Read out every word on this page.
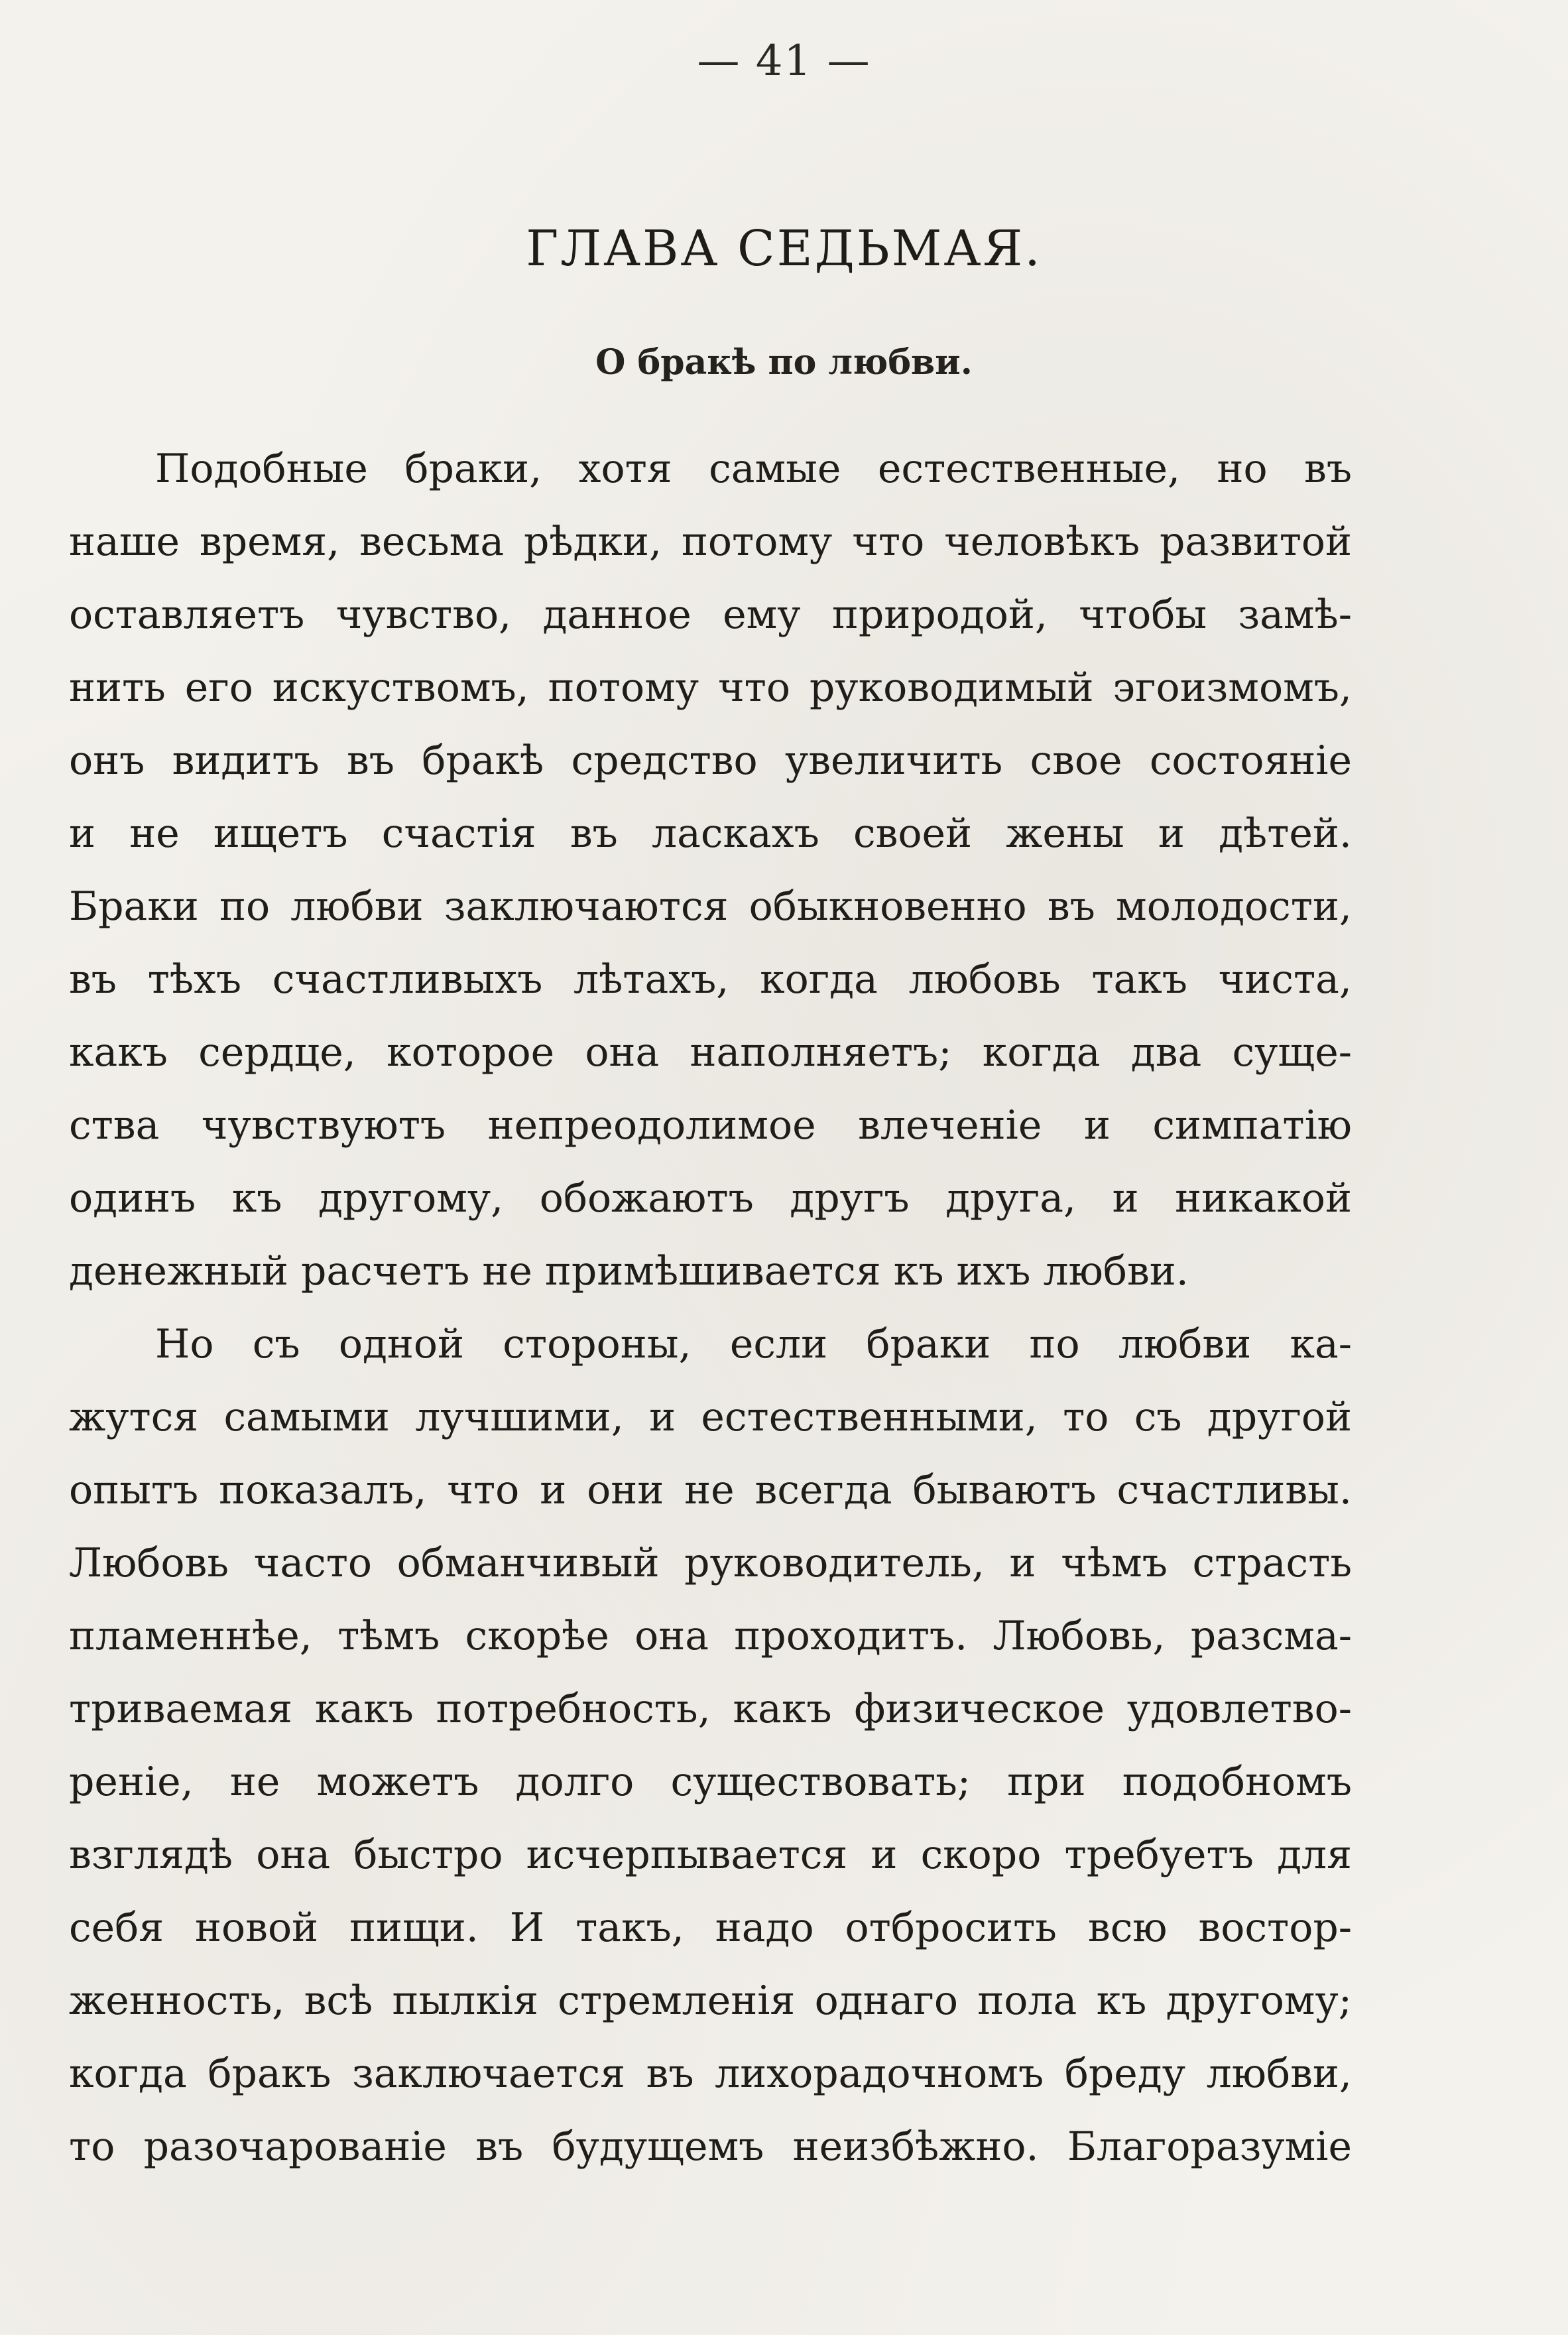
— 41 —
ГЛАВА СЕДЬМАЯ.
О бракѣ по любви.
Подобные браки, хотя самые естественные, но въ
наше время, весьма рѣдки, потому что человѣкъ развитой
оставляетъ чувство, данное ему природой, чтобы замѣ-
нить его искуствомъ, потому что руководимый эгоизмомъ,
онъ видитъ въ бракѣ средство увеличить свое состояніе
и не ищетъ счастія въ ласкахъ своей жены и дѣтей.
Браки по любви заключаются обыкновенно въ молодости,
въ тѣхъ счастливыхъ лѣтахъ, когда любовь такъ чиста,
какъ сердце, которое она наполняетъ; когда два суще-
ства чувствуютъ непреодолимое влеченіе и симпатію
одинъ къ другому, обожаютъ другъ друга, и никакой
денежный расчетъ не примѣшивается къ ихъ любви.
Но съ одной стороны, если браки по любви ка-
жутся самыми лучшими, и естественными, то съ другой
опытъ показалъ, что и они не всегда бываютъ счастливы.
Любовь часто обманчивый руководитель, и чѣмъ страсть
пламеннѣе, тѣмъ скорѣе она проходитъ. Любовь, разсма-
триваемая какъ потребность, какъ физическое удовлетво-
реніе, не можетъ долго существовать; при подобномъ
взглядѣ она быстро исчерпывается и скоро требуетъ для
себя новой пищи. И такъ, надо отбросить всю востор-
женность, всѣ пылкія стремленія однаго пола къ другому;
когда бракъ заключается въ лихорадочномъ бреду любви,
то разочарованіе въ будущемъ неизбѣжно. Благоразуміе
